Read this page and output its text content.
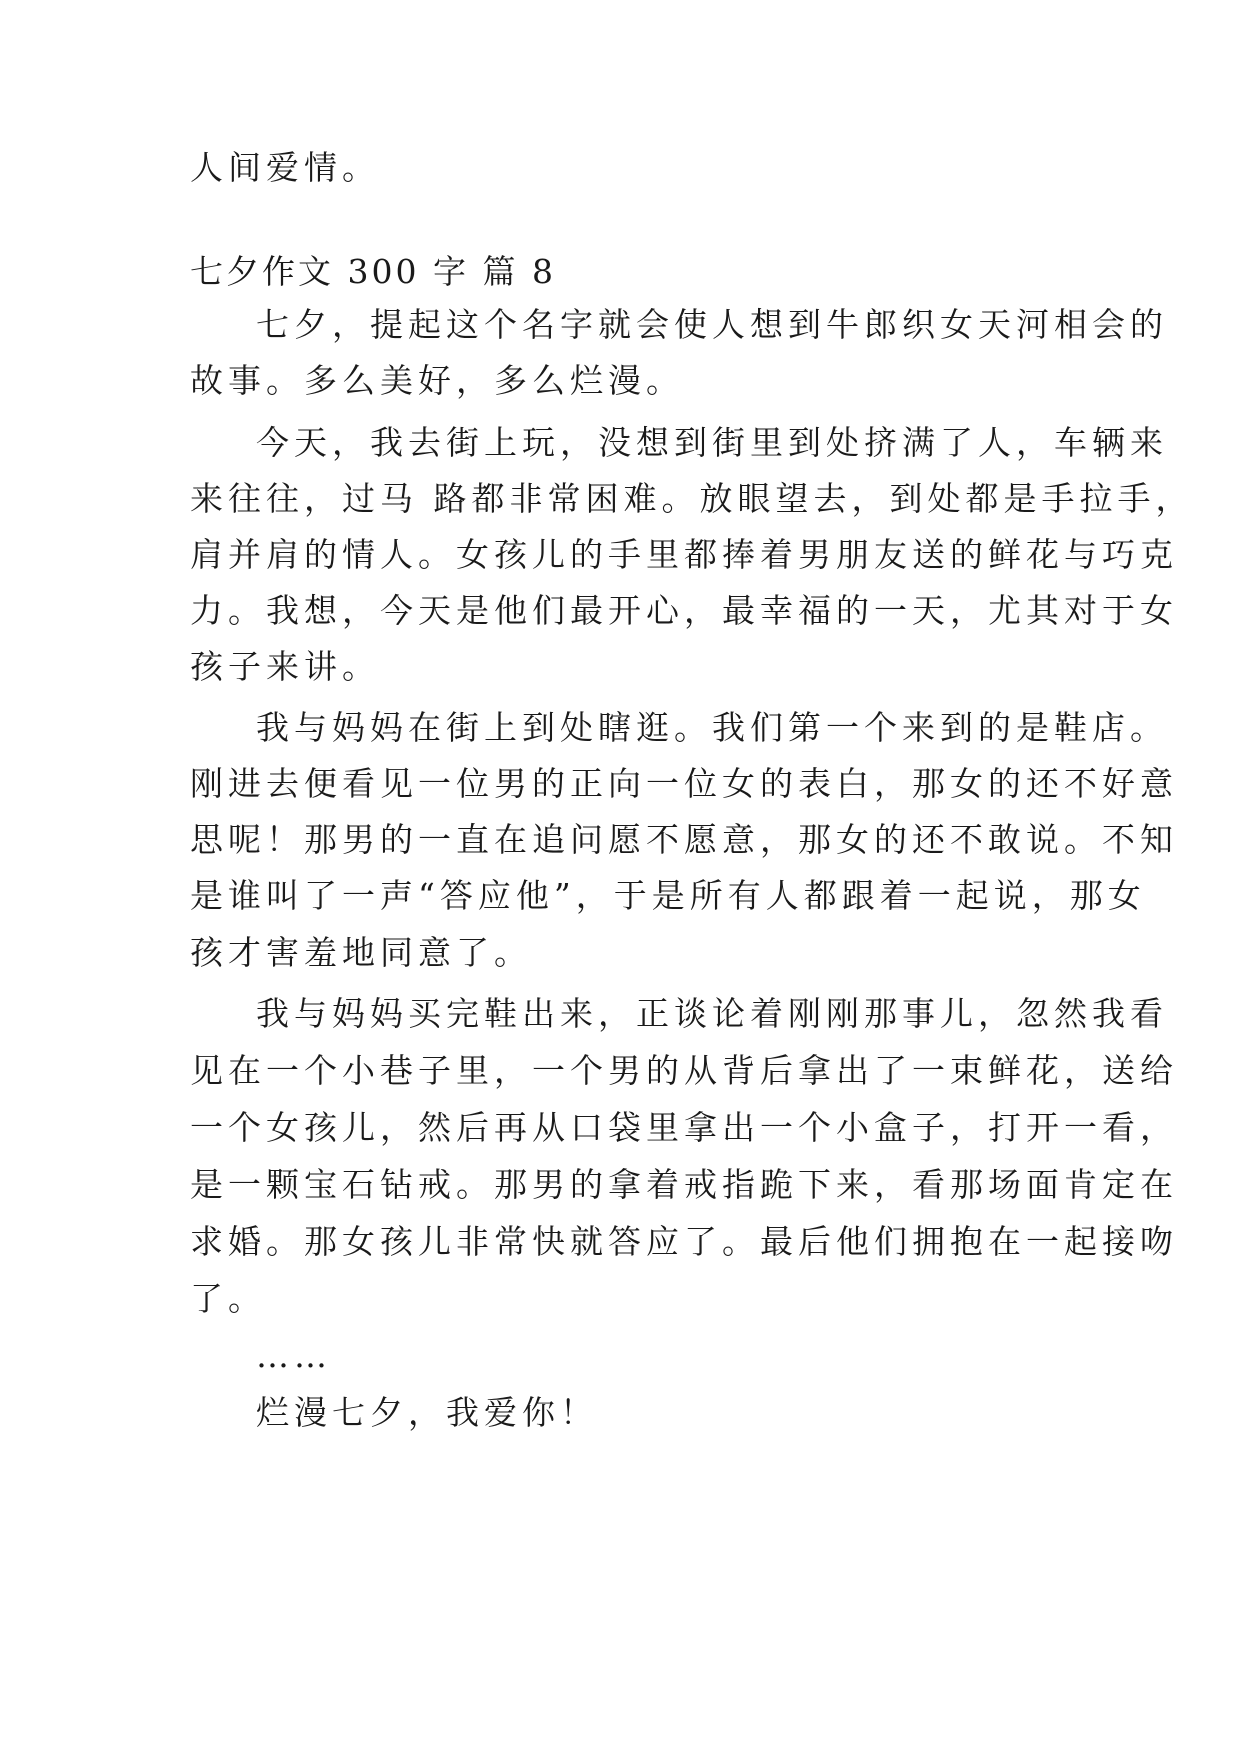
人间爱情。
七夕作文 300 字 篇 8
七夕，提起这个名字就会使人想到牛郎织女天河相会的
故事。多么美好，多么烂漫。
今天，我去街上玩，没想到街里到处挤满了人，车辆来
来往往，过马 路都非常困难。放眼望去，到处都是手拉手，
肩并肩的情人。女孩儿的手里都捧着男朋友送的鲜花与巧克
力。我想，今天是他们最开心，最幸福的一天，尤其对于女
孩子来讲。
我与妈妈在街上到处瞎逛。我们第一个来到的是鞋店。
刚进去便看见一位男的正向一位女的表白，那女的还不好意
思呢！那男的一直在追问愿不愿意，那女的还不敢说。不知
是谁叫了一声“答应他”，于是所有人都跟着一起说，那女
孩才害羞地同意了。
我与妈妈买完鞋出来，正谈论着刚刚那事儿，忽然我看
见在一个小巷子里，一个男的从背后拿出了一束鲜花，送给
一个女孩儿，然后再从口袋里拿出一个小盒子，打开一看，
是一颗宝石钻戒。那男的拿着戒指跪下来，看那场面肯定在
求婚。那女孩儿非常快就答应了。最后他们拥抱在一起接吻
了。
……
烂漫七夕，我爱你！
